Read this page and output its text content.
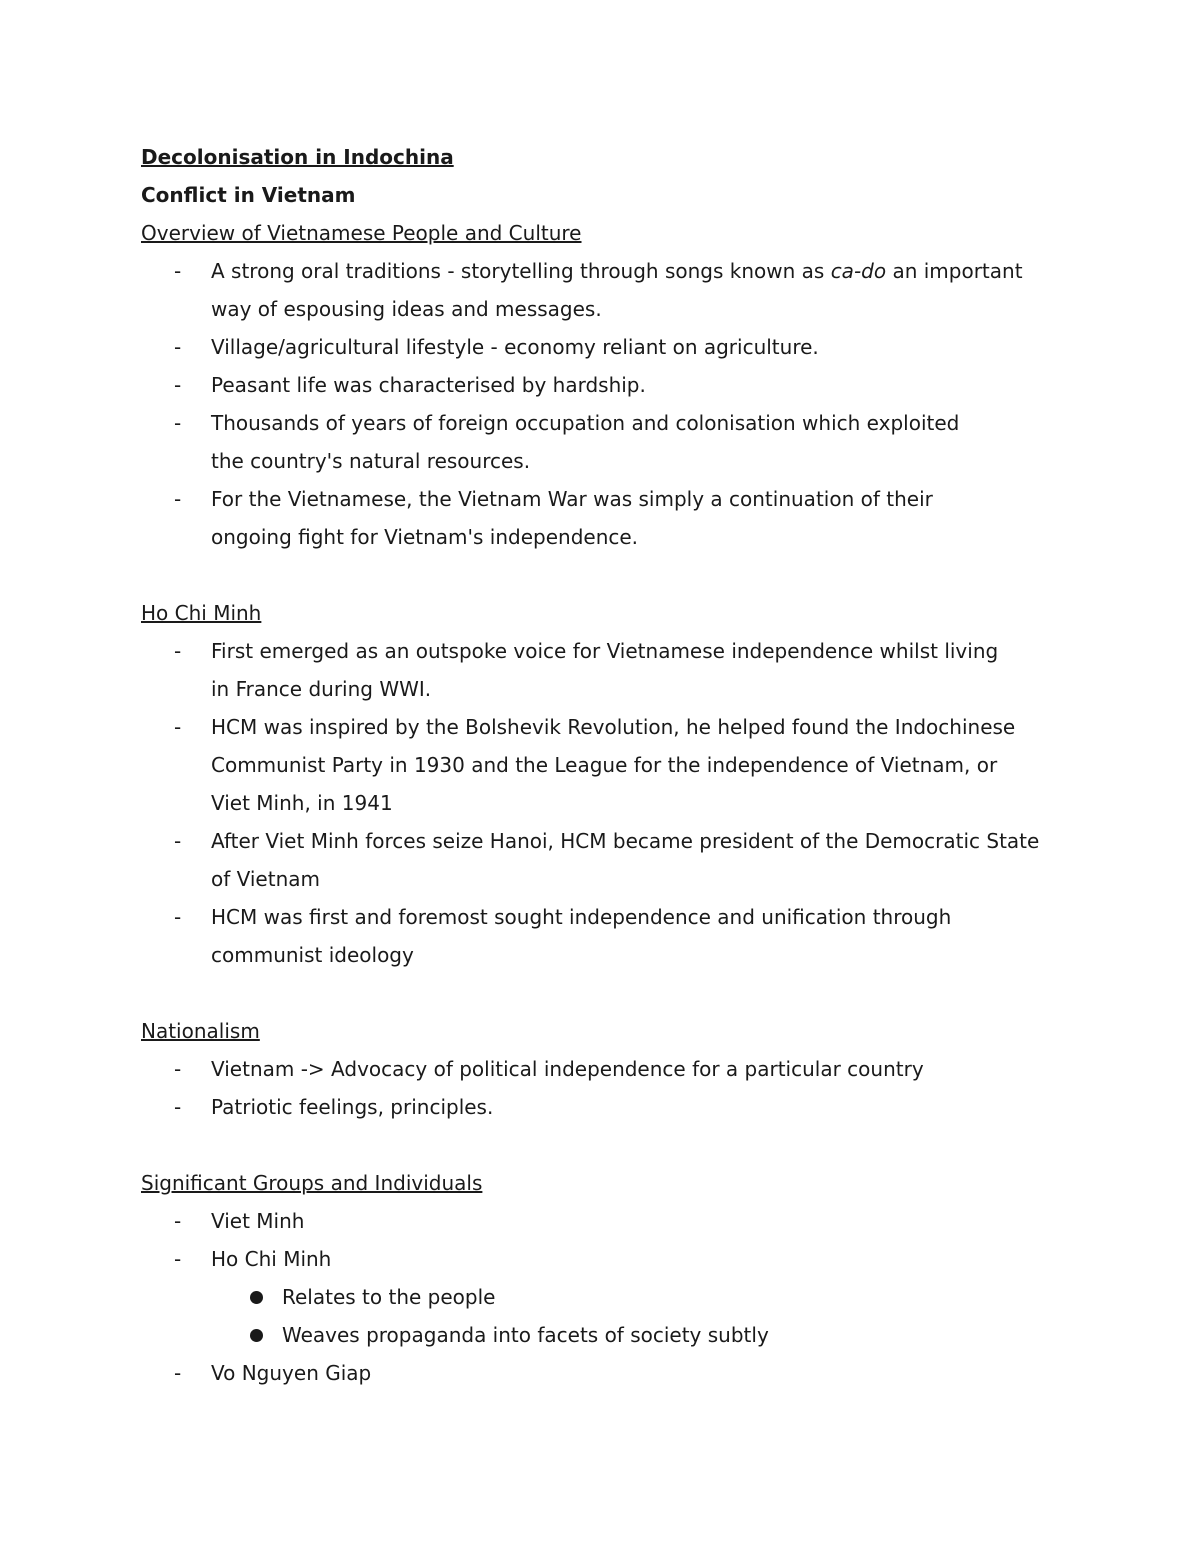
Decolonisation in Indochina
Conflict in Vietnam
Overview of Vietnamese People and Culture
- A strong oral traditions - storytelling through songs known as ca-do an important way of espousing ideas and messages.
- Village/agricultural lifestyle - economy reliant on agriculture.
- Peasant life was characterised by hardship.
- Thousands of years of foreign occupation and colonisation which exploited the country's natural resources.
- For the Vietnamese, the Vietnam War was simply a continuation of their ongoing fight for Vietnam's independence.
Ho Chi Minh
- First emerged as an outspoke voice for Vietnamese independence whilst living in France during WWI.
- HCM was inspired by the Bolshevik Revolution, he helped found the Indochinese Communist Party in 1930 and the League for the independence of Vietnam, or Viet Minh, in 1941
- After Viet Minh forces seize Hanoi, HCM became president of the Democratic State of Vietnam
- HCM was first and foremost sought independence and unification through communist ideology
Nationalism
- Vietnam -> Advocacy of political independence for a particular country
- Patriotic feelings, principles.
Significant Groups and Individuals
- Viet Minh
- Ho Chi Minh
Relates to the people
Weaves propaganda into facets of society subtly
- Vo Nguyen Giap
